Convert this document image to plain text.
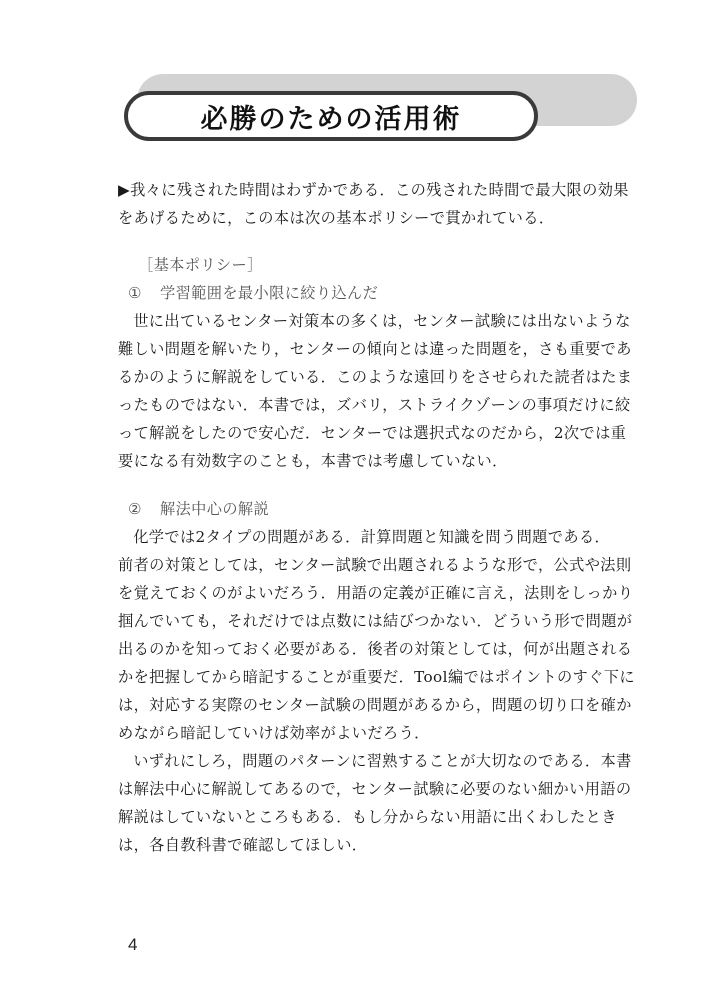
必勝のための活用術

▶我々に残された時間はわずかである．この残された時間で最大限の効果をあげるために，この本は次の基本ポリシーで貫かれている．

［基本ポリシー］

① 学習範囲を最小限に絞り込んだ

世に出ているセンター対策本の多くは，センター試験には出ないような難しい問題を解いたり，センターの傾向とは違った問題を，さも重要であるかのように解説をしている．このような遠回りをさせられた読者はたまったものではない．本書では，ズバリ，ストライクゾーンの事項だけに絞って解説をしたので安心だ．センターでは選択式なのだから，2次では重要になる有効数字のことも，本書では考慮していない．

② 解法中心の解説

化学では2タイプの問題がある．計算問題と知識を問う問題である．

前者の対策としては，センター試験で出題されるような形で，公式や法則を覚えておくのがよいだろう．用語の定義が正確に言え，法則をしっかり掴んでいても，それだけでは点数には結びつかない．どういう形で問題が出るのかを知っておく必要がある．後者の対策としては，何が出題されるかを把握してから暗記することが重要だ．Tool編ではポイントのすぐ下には，対応する実際のセンター試験の問題があるから，問題の切り口を確かめながら暗記していけば効率がよいだろう．

いずれにしろ，問題のパターンに習熟することが大切なのである．本書は解法中心に解説してあるので，センター試験に必要のない細かい用語の解説はしていないところもある．もし分からない用語に出くわしたときは，各自教科書で確認してほしい．

4
